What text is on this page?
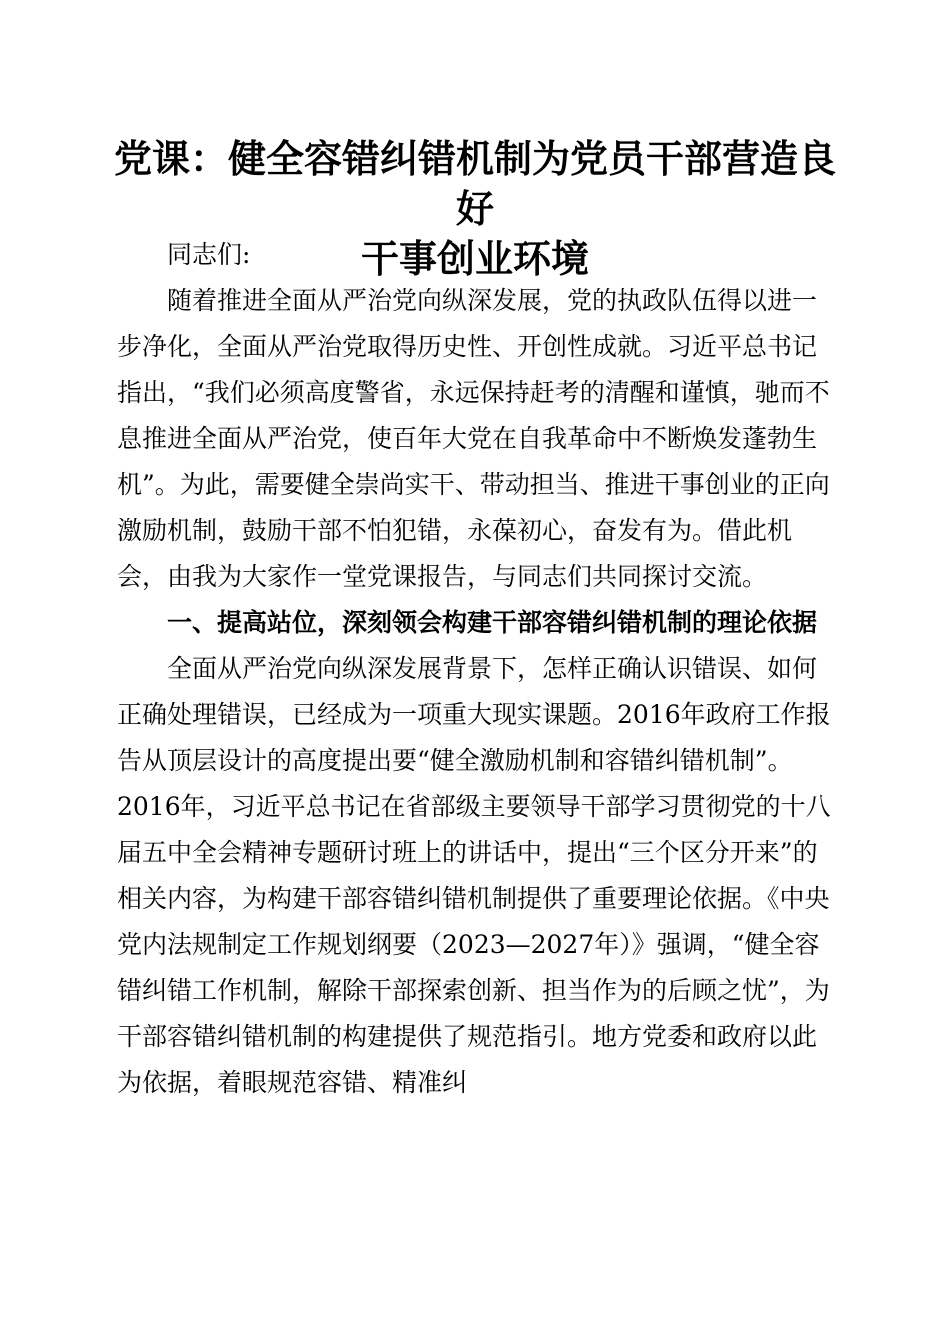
党课：健全容错纠错机制为党员干部营造良好
干事创业环境

同志们:

随着推进全面从严治党向纵深发展，党的执政队伍得以进一步净化，全面从严治党取得历史性、开创性成就。习近平总书记指出，“我们必须高度警省，永远保持赶考的清醒和谨慎，驰而不息推进全面从严治党，使百年大党在自我革命中不断焕发蓬勃生机”。为此，需要健全崇尚实干、带动担当、推进干事创业的正向激励机制，鼓励干部不怕犯错，永葆初心，奋发有为。借此机会，由我为大家作一堂党课报告，与同志们共同探讨交流。

一、提高站位，深刻领会构建干部容错纠错机制的理论依据

全面从严治党向纵深发展背景下，怎样正确认识错误、如何正确处理错误，已经成为一项重大现实课题。2016年政府工作报告从顶层设计的高度提出要“健全激励机制和容错纠错机制”。2016年，习近平总书记在省部级主要领导干部学习贯彻党的十八届五中全会精神专题研讨班上的讲话中，提出“三个区分开来”的相关内容，为构建干部容错纠错机制提供了重要理论依据。《中央党内法规制定工作规划纲要（2023—2027年）》强调，“健全容错纠错工作机制，解除干部探索创新、担当作为的后顾之忧”，为干部容错纠错机制的构建提供了规范指引。地方党委和政府以此为依据，着眼规范容错、精准纠
